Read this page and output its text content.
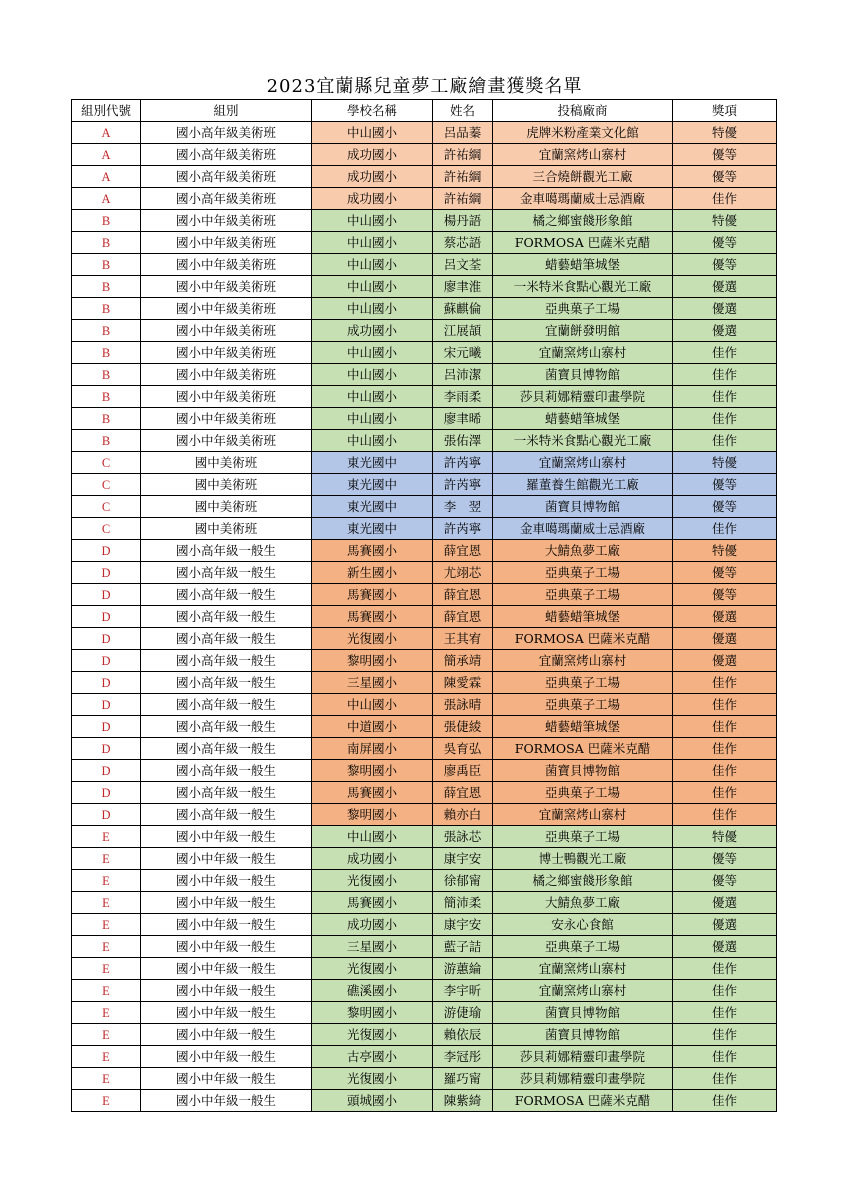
2023宜蘭縣兒童夢工廠繪畫獲獎名單
組別代號	組別	學校名稱	姓名	投稿廠商	獎項
A	國小高年級美術班	中山國小	呂品蓁	虎牌米粉產業文化館	特優
A	國小高年級美術班	成功國小	許祐綱	宜蘭窯烤山寨村	優等
A	國小高年級美術班	成功國小	許祐綱	三合燒餅觀光工廠	優等
A	國小高年級美術班	成功國小	許祐綱	金車噶瑪蘭威士忌酒廠	佳作
B	國小中年級美術班	中山國小	楊丹語	橘之鄉蜜餞形象館	特優
B	國小中年級美術班	中山國小	蔡芯語	FORMOSA 巴薩米克醋	優等
B	國小中年級美術班	中山國小	呂文荃	蜡藝蜡筆城堡	優等
B	國小中年級美術班	中山國小	廖聿淮	一米特米食點心觀光工廠	優選
B	國小中年級美術班	中山國小	蘇麒倫	亞典菓子工場	優選
B	國小中年級美術班	成功國小	江展頡	宜蘭餅發明館	優選
B	國小中年級美術班	中山國小	宋元曦	宜蘭窯烤山寨村	佳作
B	國小中年級美術班	中山國小	呂沛潔	菌寶貝博物館	佳作
B	國小中年級美術班	中山國小	李雨柔	莎貝莉娜精靈印畫學院	佳作
B	國小中年級美術班	中山國小	廖聿晞	蜡藝蜡筆城堡	佳作
B	國小中年級美術班	中山國小	張佑澤	一米特米食點心觀光工廠	佳作
C	國中美術班	東光國中	許芮寧	宜蘭窯烤山寨村	特優
C	國中美術班	東光國中	許芮寧	羅董養生館觀光工廠	優等
C	國中美術班	東光國中	李　翌	菌寶貝博物館	優等
C	國中美術班	東光國中	許芮寧	金車噶瑪蘭威士忌酒廠	佳作
D	國小高年級一般生	馬賽國小	薛宜恩	大鯖魚夢工廠	特優
D	國小高年級一般生	新生國小	尤翊芯	亞典菓子工場	優等
D	國小高年級一般生	馬賽國小	薛宜恩	亞典菓子工場	優等
D	國小高年級一般生	馬賽國小	薛宜恩	蜡藝蜡筆城堡	優選
D	國小高年級一般生	光復國小	王其宥	FORMOSA 巴薩米克醋	優選
D	國小高年級一般生	黎明國小	簡承靖	宜蘭窯烤山寨村	優選
D	國小高年級一般生	三星國小	陳愛霖	亞典菓子工場	佳作
D	國小高年級一般生	中山國小	張詠晴	亞典菓子工場	佳作
D	國小高年級一般生	中道國小	張倢綾	蜡藝蜡筆城堡	佳作
D	國小高年級一般生	南屏國小	吳育弘	FORMOSA 巴薩米克醋	佳作
D	國小高年級一般生	黎明國小	廖禹臣	菌寶貝博物館	佳作
D	國小高年級一般生	馬賽國小	薛宜恩	亞典菓子工場	佳作
D	國小高年級一般生	黎明國小	賴亦白	宜蘭窯烤山寨村	佳作
E	國小中年級一般生	中山國小	張詠芯	亞典菓子工場	特優
E	國小中年級一般生	成功國小	康宇安	博士鴨觀光工廠	優等
E	國小中年級一般生	光復國小	徐郁甯	橘之鄉蜜餞形象館	優等
E	國小中年級一般生	馬賽國小	簡沛柔	大鯖魚夢工廠	優選
E	國小中年級一般生	成功國小	康宇安	安永心食館	優選
E	國小中年級一般生	三星國小	藍子詰	亞典菓子工場	優選
E	國小中年級一般生	光復國小	游蕙綸	宜蘭窯烤山寨村	佳作
E	國小中年級一般生	礁溪國小	李宇昕	宜蘭窯烤山寨村	佳作
E	國小中年級一般生	黎明國小	游倢瑜	菌寶貝博物館	佳作
E	國小中年級一般生	光復國小	賴依辰	菌寶貝博物館	佳作
E	國小中年級一般生	古亭國小	李冠彤	莎貝莉娜精靈印畫學院	佳作
E	國小中年級一般生	光復國小	羅巧甯	莎貝莉娜精靈印畫學院	佳作
E	國小中年級一般生	頭城國小	陳紫綺	FORMOSA 巴薩米克醋	佳作
